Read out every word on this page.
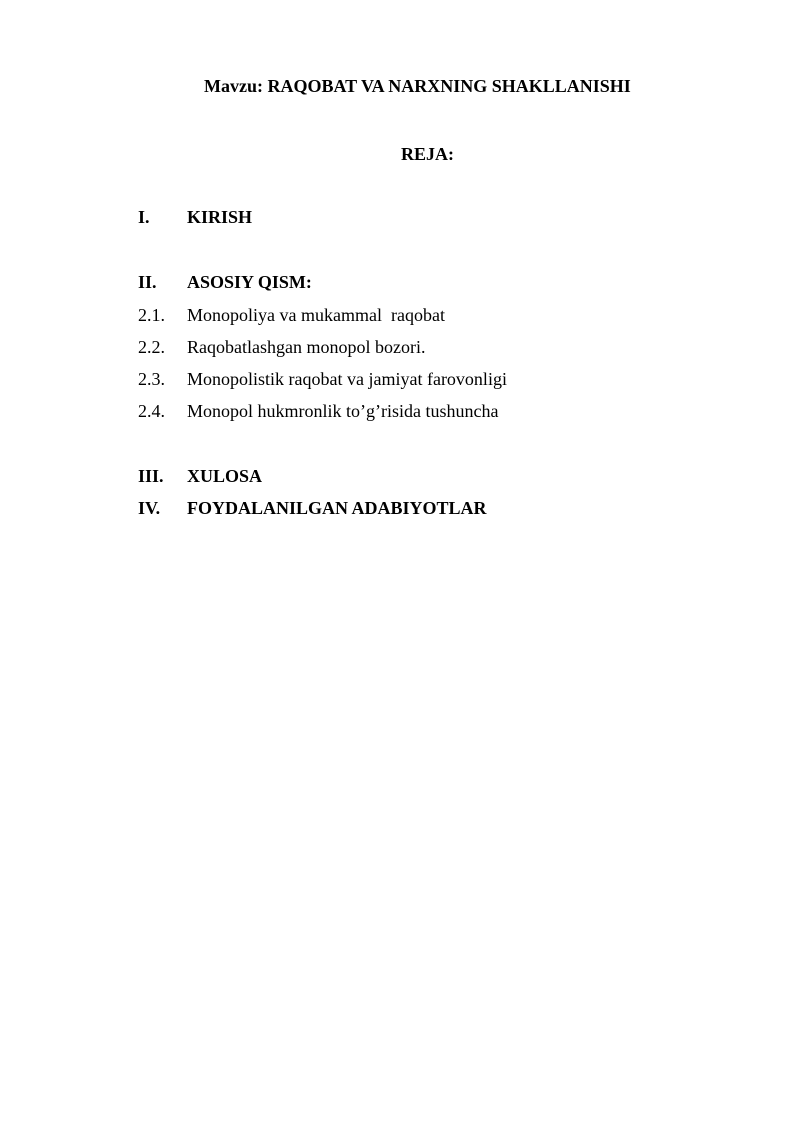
Mavzu: RAQOBAT VA NARXNING SHAKLLANISHI
REJA:
I. KIRISH
II. ASOSIY QISM:
2.1. Monopoliya va mukammal  raqobat
2.2. Raqobatlashgan monopol bozori.
2.3. Monopolistik raqobat va jamiyat farovonligi
2.4. Monopol hukmronlik to’g’risida tushuncha
III. XULOSA
IV. FOYDALANILGAN ADABIYOTLAR
